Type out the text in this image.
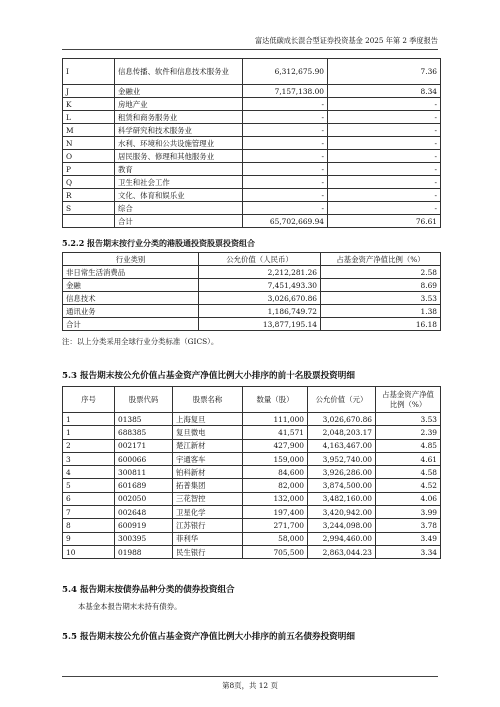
富达低碳成长混合型证券投资基金 2025 年第 2 季度报告
I	信息传播、软件和信息技术服务业	6,312,675.90	7.36
J	金融业	7,157,138.00	8.34
K	房地产业	-	-
L	租赁和商务服务业	-	-
M	科学研究和技术服务业	-	-
N	水利、环境和公共设施管理业	-	-
O	居民服务、修理和其他服务业	-	-
P	教育	-	-
Q	卫生和社会工作	-	-
R	文化、体育和娱乐业	-	-
S	综合	-	-
	合计	65,702,669.94	76.61
5.2.2 报告期末按行业分类的港股通投资股票投资组合
行业类别	公允价值（人民币）	占基金资产净值比例（%）
非日常生活消费品	2,212,281.26	2.58
金融	7,451,493.30	8.69
信息技术	3,026,670.86	3.53
通讯业务	1,186,749.72	1.38
合计	13,877,195.14	16.18
注：以上分类采用全球行业分类标准（GICS）。
5.3 报告期末按公允价值占基金资产净值比例大小排序的前十名股票投资明细
序号	股票代码	股票名称	数量（股）	公允价值（元）	占基金资产净值比例（%）
1	01385	上海复旦	111,000	3,026,670.86	3.53
1	688385	复旦微电	41,571	2,048,203.17	2.39
2	002171	楚江新材	427,900	4,163,467.00	4.85
3	600066	宇通客车	159,000	3,952,740.00	4.61
4	300811	铂科新材	84,600	3,926,286.00	4.58
5	601689	拓普集团	82,000	3,874,500.00	4.52
6	002050	三花智控	132,000	3,482,160.00	4.06
7	002648	卫星化学	197,400	3,420,942.00	3.99
8	600919	江苏银行	271,700	3,244,098.00	3.78
9	300395	菲利华	58,000	2,994,460.00	3.49
10	01988	民生银行	705,500	2,863,044.23	3.34
5.4 报告期末按债券品种分类的债券投资组合
本基金本报告期末未持有债券。
5.5 报告期末按公允价值占基金资产净值比例大小排序的前五名债券投资明细
第8页，共 12 页
